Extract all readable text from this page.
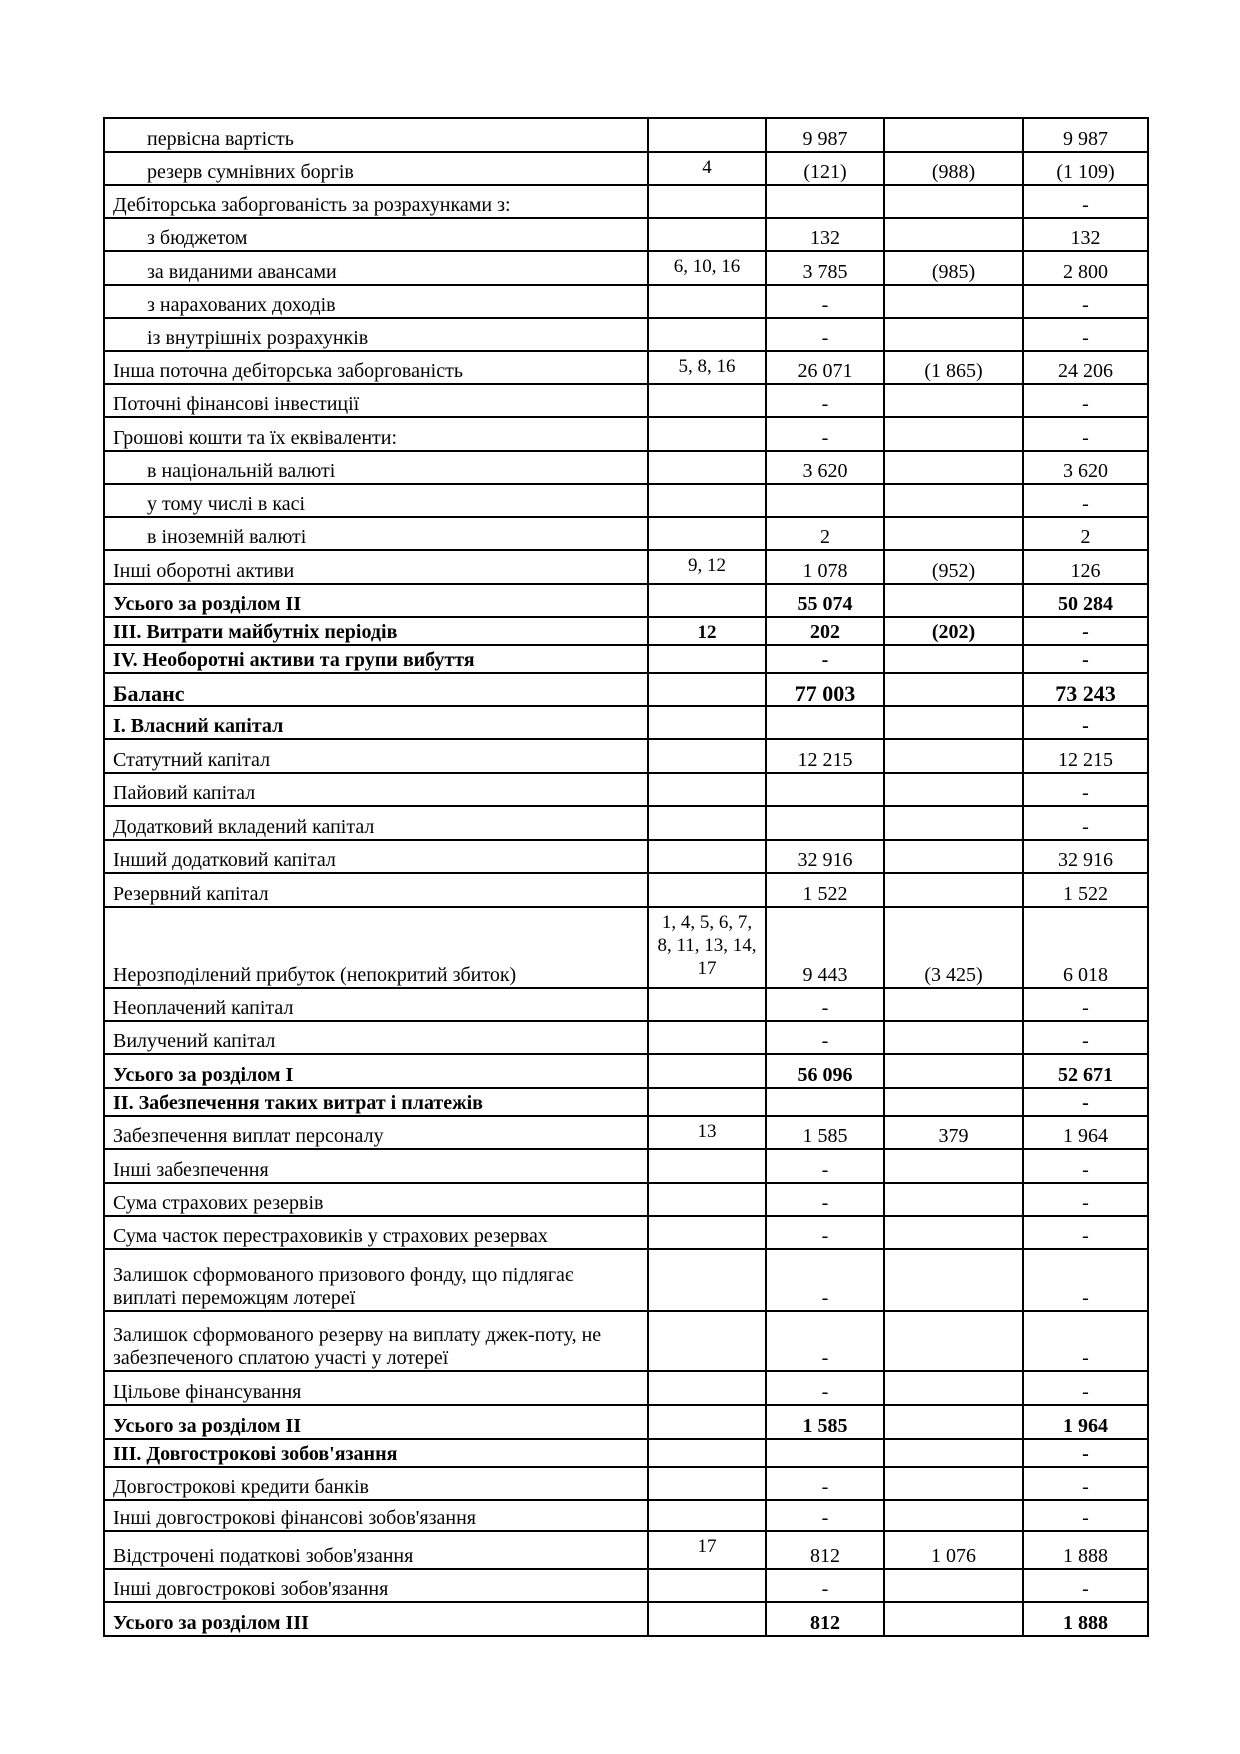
первісна вартість		9 987		9 987
резерв сумнівних боргів	4	(121)	(988)	(1 109)
Дебіторська заборгованість за розрахунками з:				-
з бюджетом		132		132
за виданими авансами	6, 10, 16	3 785	(985)	2 800
з нарахованих доходів		-		-
із внутрішніх розрахунків		-		-
Інша поточна дебіторська заборгованість	5, 8, 16	26 071	(1 865)	24 206
Поточні фінансові інвестиції		-		-
Грошові кошти та їх еквіваленти:		-		-
в національній валюті		3 620		3 620
у тому числі в касі				-
в іноземній валюті		2		2
Інші оборотні активи	9, 12	1 078	(952)	126
Усього за розділом II		55 074		50 284
III. Витрати майбутніх періодів	12	202	(202)	-
IV. Необоротні активи та групи вибуття		-		-
Баланс		77 003		73 243
І. Власний капітал				-
Статутний капітал		12 215		12 215
Пайовий капітал				-
Додатковий вкладений капітал				-
Інший додатковий капітал		32 916		32 916
Резервний капітал		1 522		1 522
Нерозподілений прибуток (непокритий збиток)	1, 4, 5, 6, 7, 8, 11, 13, 14, 17	9 443	(3 425)	6 018
Неоплачений капітал		-		-
Вилучений капітал		-		-
Усього за розділом I		56 096		52 671
ІІ. Забезпечення таких витрат і платежів				-
Забезпечення виплат персоналу	13	1 585	379	1 964
Інші забезпечення		-		-
Сума страхових резервів		-		-
Сума часток перестраховиків у страхових резервах		-		-
Залишок сформованого призового фонду, що підлягає виплаті переможцям лотереї		-		-
Залишок сформованого резерву на виплату джек-поту, не забезпеченого сплатою участі у лотереї		-		-
Цільове фінансування		-		-
Усього за розділом ІІ		1 585		1 964
III. Довгострокові зобов'язання				-
Довгострокові кредити банків		-		-
Інші довгострокові фінансові зобов'язання		-		-
Відстрочені податкові зобов'язання	17	812	1 076	1 888
Інші довгострокові зобов'язання		-		-
Усього за розділом III		812		1 888
